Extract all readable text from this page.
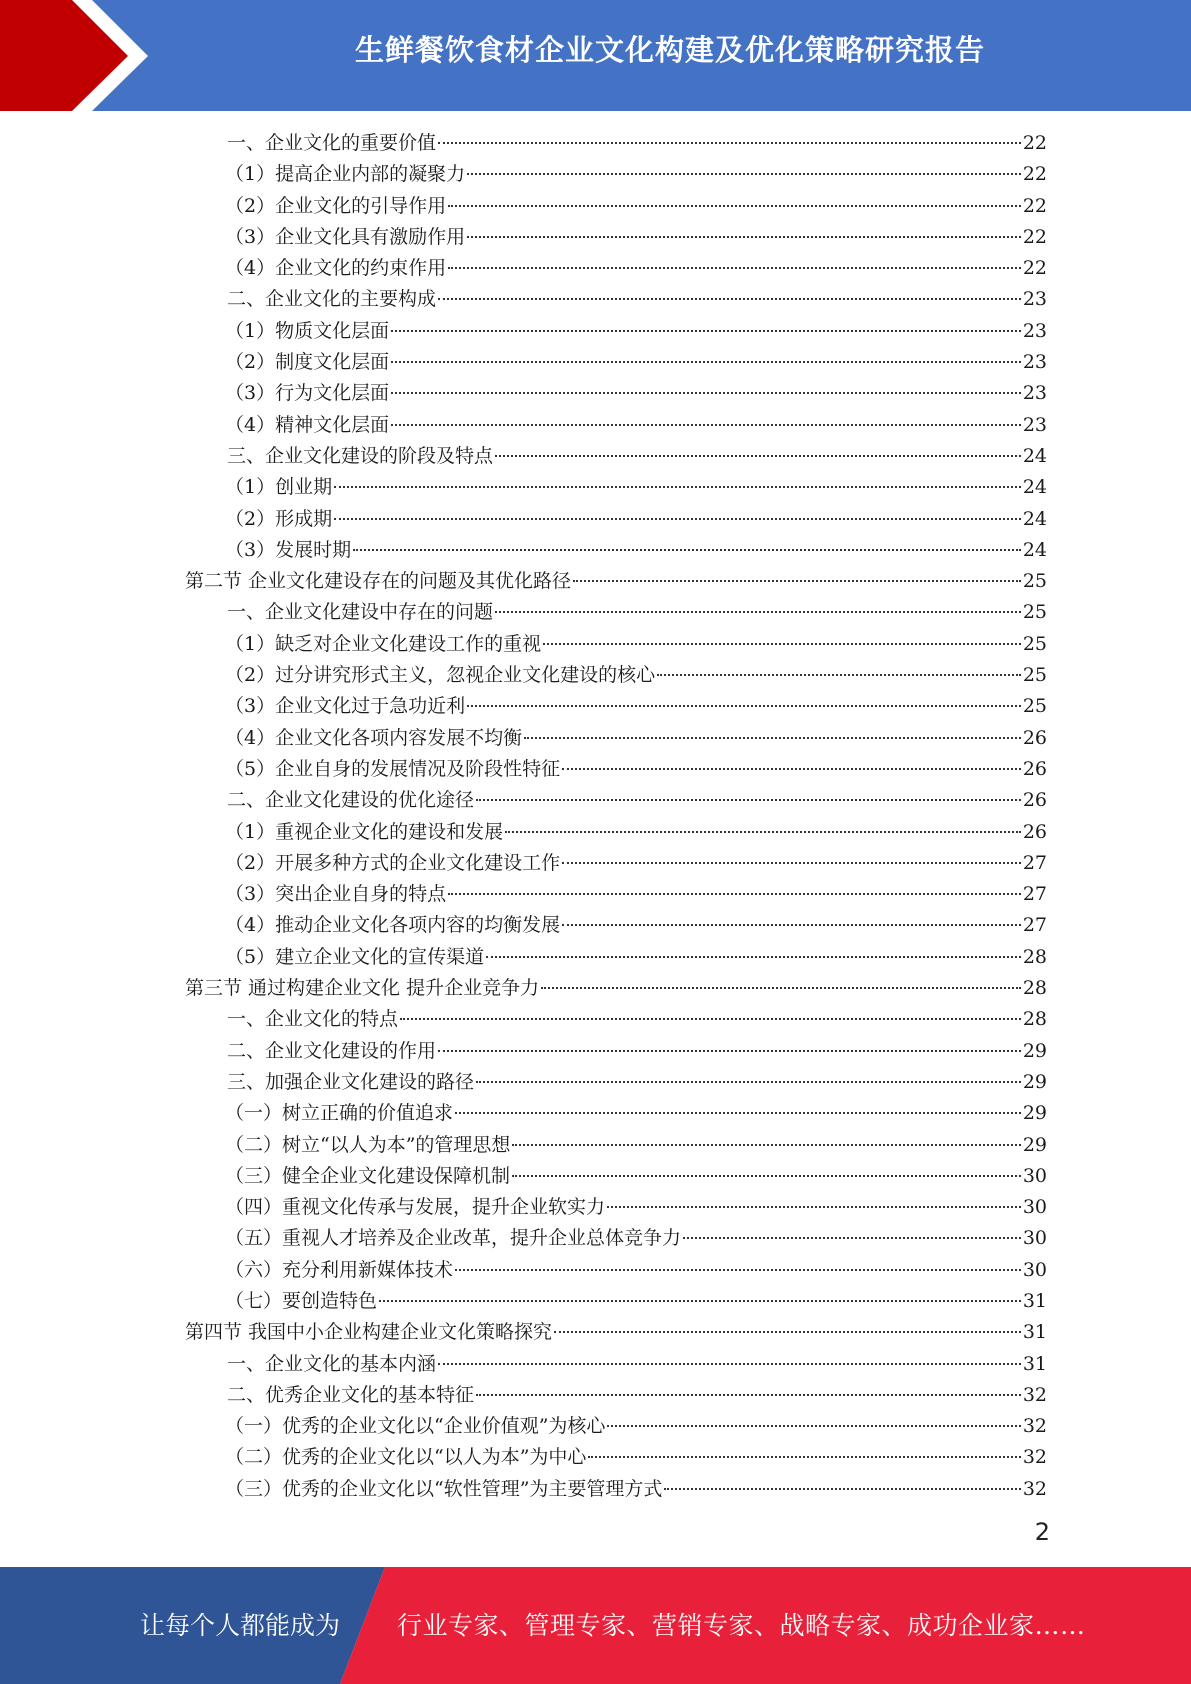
生鲜餐饮食材企业文化构建及优化策略研究报告
一、企业文化的重要价值	22
（1）提高企业内部的凝聚力	22
（2）企业文化的引导作用	22
（3）企业文化具有激励作用	22
（4）企业文化的约束作用	22
二、企业文化的主要构成	23
（1）物质文化层面	23
（2）制度文化层面	23
（3）行为文化层面	23
（4）精神文化层面	23
三、企业文化建设的阶段及特点	24
（1）创业期	24
（2）形成期	24
（3）发展时期	24
第二节 企业文化建设存在的问题及其优化路径	25
一、企业文化建设中存在的问题	25
（1）缺乏对企业文化建设工作的重视	25
（2）过分讲究形式主义，忽视企业文化建设的核心	25
（3）企业文化过于急功近利	25
（4）企业文化各项内容发展不均衡	26
（5）企业自身的发展情况及阶段性特征	26
二、企业文化建设的优化途径	26
（1）重视企业文化的建设和发展	26
（2）开展多种方式的企业文化建设工作	27
（3）突出企业自身的特点	27
（4）推动企业文化各项内容的均衡发展	27
（5）建立企业文化的宣传渠道	28
第三节 通过构建企业文化 提升企业竞争力	28
一、企业文化的特点	28
二、企业文化建设的作用	29
三、加强企业文化建设的路径	29
（一）树立正确的价值追求	29
（二）树立“以人为本”的管理思想	29
（三）健全企业文化建设保障机制	30
（四）重视文化传承与发展，提升企业软实力	30
（五）重视人才培养及企业改革，提升企业总体竞争力	30
（六）充分利用新媒体技术	30
（七）要创造特色	31
第四节 我国中小企业构建企业文化策略探究	31
一、企业文化的基本内涵	31
二、优秀企业文化的基本特征	32
（一）优秀的企业文化以“企业价值观”为核心	32
（二）优秀的企业文化以“以人为本”为中心	32
（三）优秀的企业文化以“软性管理”为主要管理方式	32
2
让每个人都能成为 行业专家、管理专家、营销专家、战略专家、成功企业家……
